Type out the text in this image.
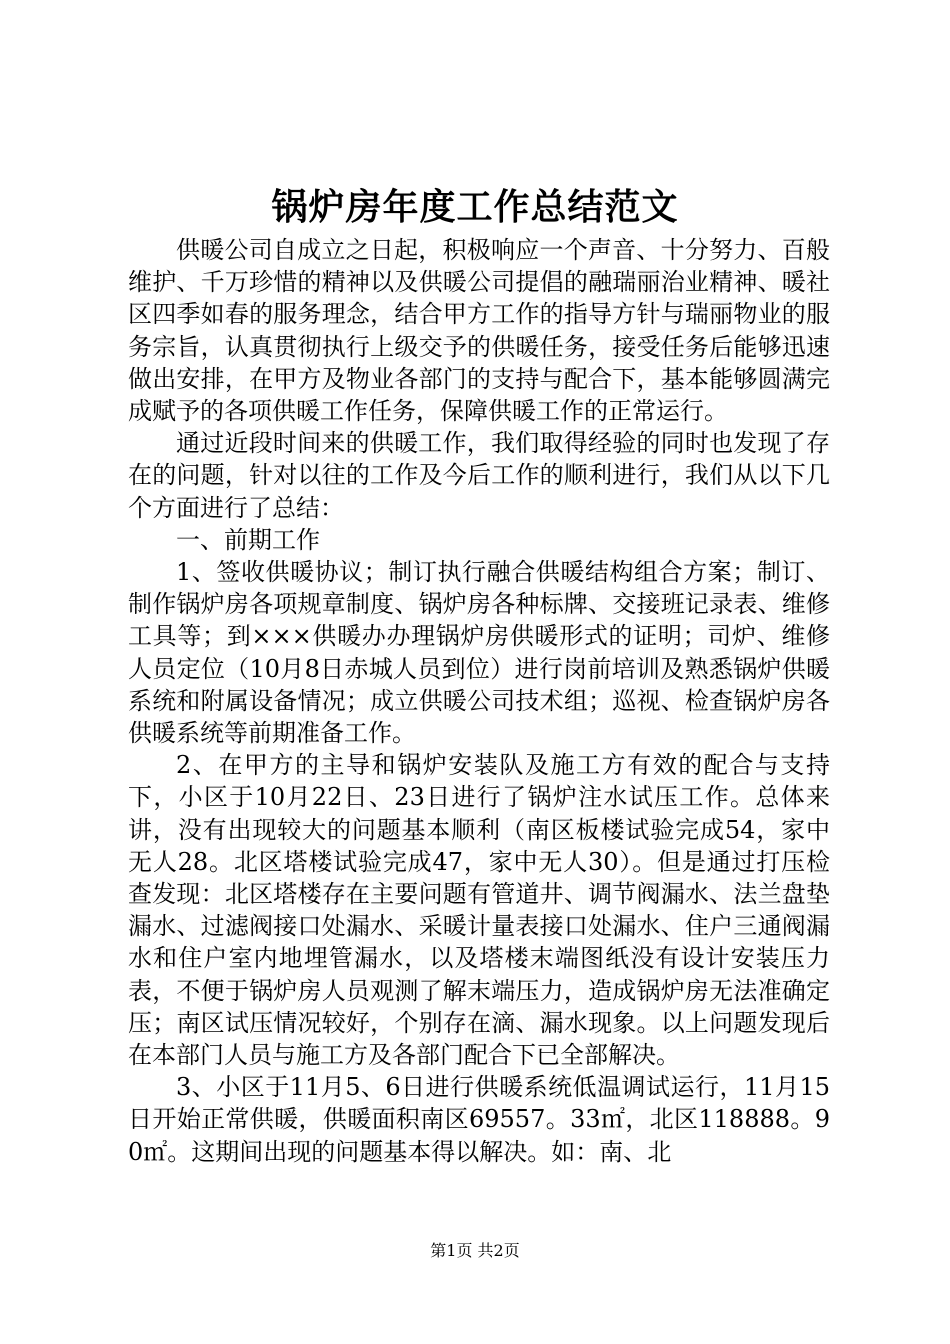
锅炉房年度工作总结范文

供暖公司自成立之日起，积极响应一个声音、十分努力、百般维护、千万珍惜的精神以及供暖公司提倡的融瑞丽治业精神、暖社区四季如春的服务理念，结合甲方工作的指导方针与瑞丽物业的服务宗旨，认真贯彻执行上级交予的供暖任务，接受任务后能够迅速做出安排，在甲方及物业各部门的支持与配合下，基本能够圆满完成赋予的各项供暖工作任务，保障供暖工作的正常运行。

通过近段时间来的供暖工作，我们取得经验的同时也发现了存在的问题，针对以往的工作及今后工作的顺利进行，我们从以下几个方面进行了总结：

一、前期工作

1、签收供暖协议；制订执行融合供暖结构组合方案；制订、制作锅炉房各项规章制度、锅炉房各种标牌、交接班记录表、维修工具等；到×××供暖办办理锅炉房供暖形式的证明；司炉、维修人员定位（10月8日赤城人员到位）进行岗前培训及熟悉锅炉供暖系统和附属设备情况；成立供暖公司技术组；巡视、检查锅炉房各供暖系统等前期准备工作。

2、在甲方的主导和锅炉安装队及施工方有效的配合与支持下，小区于10月22日、23日进行了锅炉注水试压工作。总体来讲，没有出现较大的问题基本顺利（南区板楼试验完成54，家中无人28。北区塔楼试验完成47，家中无人30）。但是通过打压检查发现：北区塔楼存在主要问题有管道井、调节阀漏水、法兰盘垫漏水、过滤阀接口处漏水、采暖计量表接口处漏水、住户三通阀漏水和住户室内地埋管漏水，以及塔楼末端图纸没有设计安装压力表，不便于锅炉房人员观测了解末端压力，造成锅炉房无法准确定压；南区试压情况较好，个别存在滴、漏水现象。以上问题发现后在本部门人员与施工方及各部门配合下已全部解决。

3、小区于11月5、6日进行供暖系统低温调试运行，11月15日开始正常供暖，供暖面积南区69557。33㎡，北区118888。90㎡。这期间出现的问题基本得以解决。如：南、北

第1页 共2页
